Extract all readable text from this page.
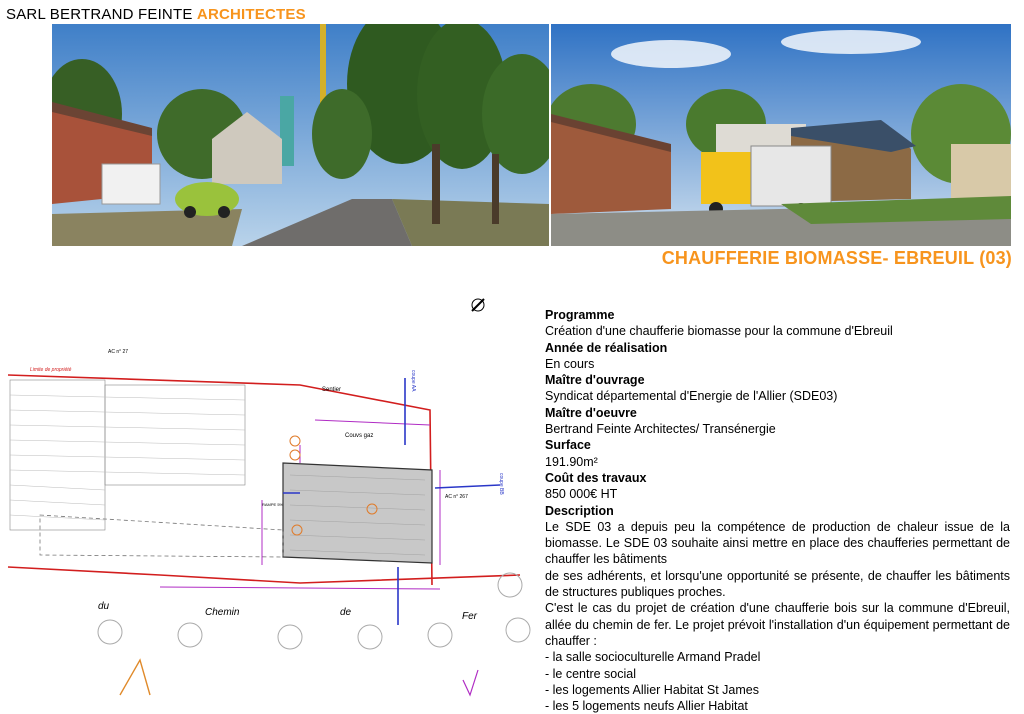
SARL BERTRAND FEINTE ARCHITECTES
CHAUFFERIE BIOMASSE- EBREUIL (03)
du
Chemin	de	Fer
Sentier
Couvs gaz
RAMPE 5%
Limite de propriété
AC n° 27
AC n° 267
coupe AA
coupe BB
Programme
Création d'une chaufferie biomasse pour la commune d'Ebreuil
Année de réalisation
En cours
Maître d'ouvrage
Syndicat départemental d'Energie de l'Allier (SDE03)
Maître d'oeuvre
Bertrand Feinte Architectes/ Transénergie
Surface
191.90m²
Coût des travaux
850 000€ HT
Description
Le SDE 03 a depuis peu la compétence de production de chaleur issue de la biomasse. Le SDE 03 souhaite ainsi mettre en place des chaufferies permettant de chauffer les bâtiments
de ses adhérents, et lorsqu'une opportunité se présente, de chauffer les bâtiments de structures publiques proches.
C'est le cas du projet de création d'une chaufferie bois sur la commune d'Ebreuil, allée du chemin de fer. Le projet prévoit l'installation d'un équipement permettant de chauffer :
- la salle socioculturelle Armand Pradel
- le centre social
- les logements Allier Habitat St James
- les 5 logements neufs Allier Habitat
